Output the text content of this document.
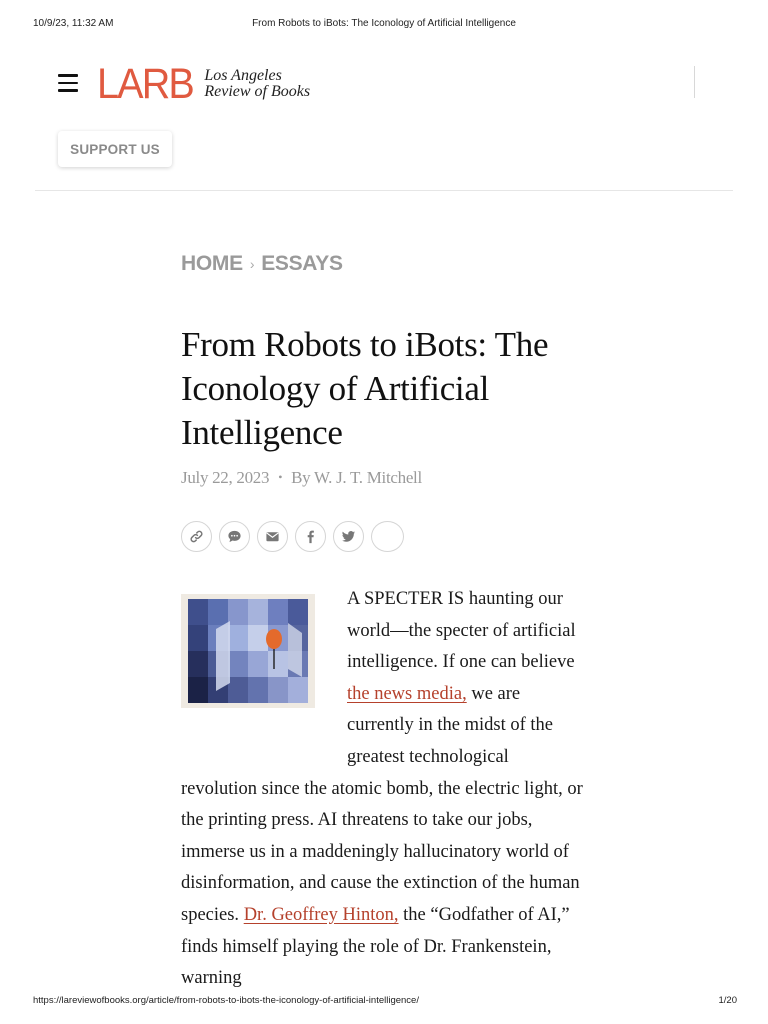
10/9/23, 11:32 AM	From Robots to iBots: The Iconology of Artificial Intelligence
LARB Los Angeles
Review of Books
SUPPORT US
HOME › ESSAYS
From Robots to iBots: The Iconology of Artificial Intelligence
July 22, 2023 • By W. J. T. Mitchell

A SPECTER IS haunting our world—the specter of artificial intelligence. If one can believe the news media, we are currently in the midst of the greatest technological revolution since the atomic bomb, the electric light, or the printing press. AI threatens to take our jobs, immerse us in a maddeningly hallucinatory world of disinformation, and cause the extinction of the human species. Dr. Geoffrey Hinton, the “Godfather of AI,” finds himself playing the role of Dr. Frankenstein, warning

https://lareviewofbooks.org/article/from-robots-to-ibots-the-iconology-of-artificial-intelligence/	1/20
